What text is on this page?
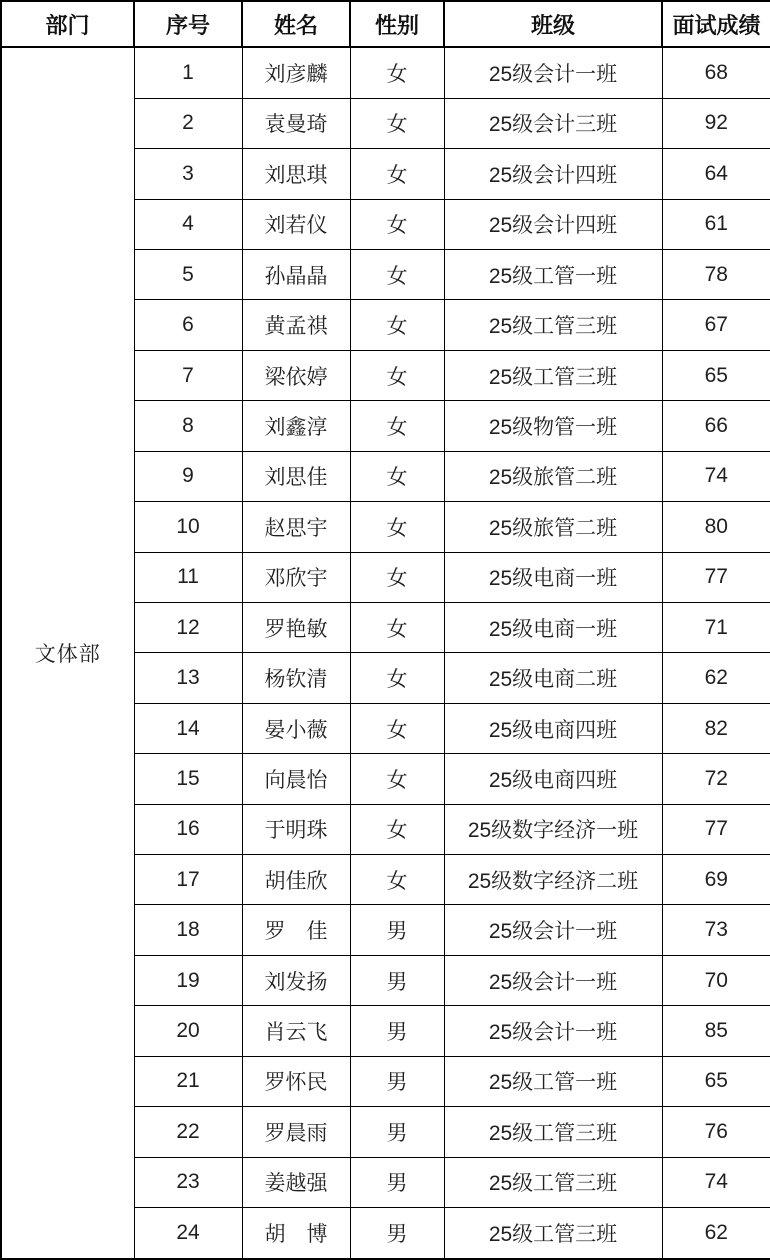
部门	序号	姓名	性别	班级	面试成绩
文体部	1	刘彦麟	女	25级会计一班	68
	2	袁曼琦	女	25级会计三班	92
	3	刘思琪	女	25级会计四班	64
	4	刘若仪	女	25级会计四班	61
	5	孙晶晶	女	25级工管一班	78
	6	黄孟祺	女	25级工管三班	67
	7	梁依婷	女	25级工管三班	65
	8	刘鑫淳	女	25级物管一班	66
	9	刘思佳	女	25级旅管二班	74
	10	赵思宇	女	25级旅管二班	80
	11	邓欣宇	女	25级电商一班	77
	12	罗艳敏	女	25级电商一班	71
	13	杨钦清	女	25级电商二班	62
	14	晏小薇	女	25级电商四班	82
	15	向晨怡	女	25级电商四班	72
	16	于明珠	女	25级数字经济一班	77
	17	胡佳欣	女	25级数字经济二班	69
	18	罗　佳	男	25级会计一班	73
	19	刘发扬	男	25级会计一班	70
	20	肖云飞	男	25级会计一班	85
	21	罗怀民	男	25级工管一班	65
	22	罗晨雨	男	25级工管三班	76
	23	姜越强	男	25级工管三班	74
	24	胡　博	男	25级工管三班	62
